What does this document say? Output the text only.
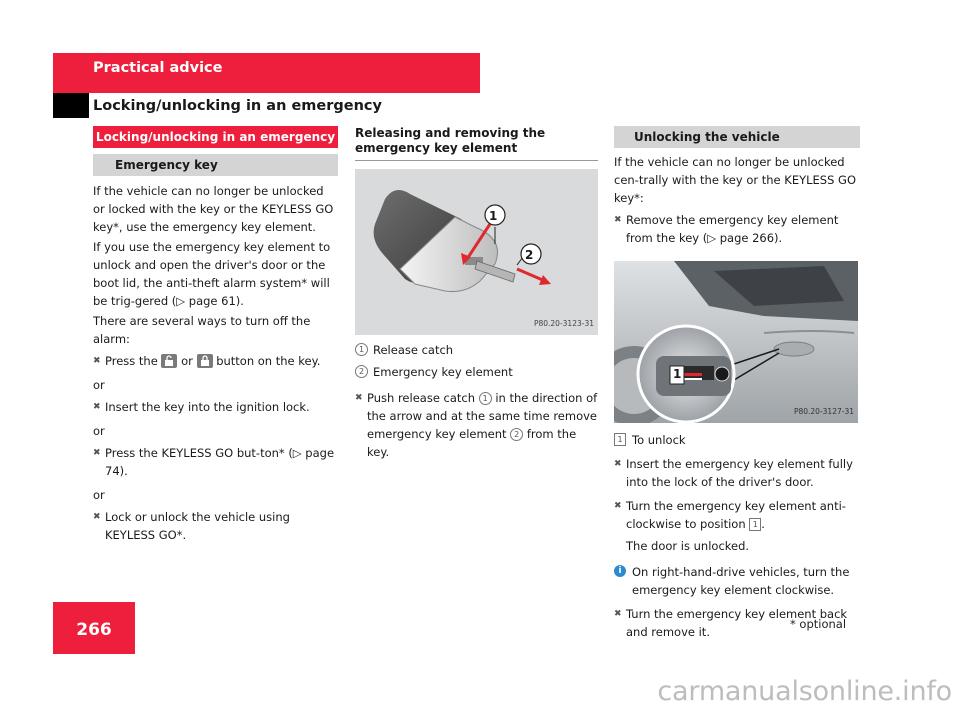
Practical advice
Locking/unlocking in an emergency
Locking/unlocking in an emergency
Emergency key

If the vehicle can no longer be unlocked or locked with the key or the KEYLESS GO key*, use the emergency key element.

If you use the emergency key element to unlock and open the driver's door or the boot lid, the anti-theft alarm system* will be trig-gered (▷ page 61).

There are several ways to turn off the alarm:

✖ Press the or button on the key.
or
✖ Insert the key into the ignition lock.
or
✖ Press the KEYLESS GO but-ton* (▷ page 74).
or
✖ Lock or unlock the vehicle using KEYLESS GO*.
Releasing and removing the emergency key element
1
2
P80.20-3123-31
1 Release catch
2 Emergency key element
✖ Push release catch 1 in the direction of the arrow and at the same time remove emergency key element 2 from the key.
Unlocking the vehicle

If the vehicle can no longer be unlocked cen-trally with the key or the KEYLESS GO key*:

✖ Remove the emergency key element from the key (▷ page 266).
1
P80.20-3127-31
1 To unlock
✖ Insert the emergency key element fully into the lock of the driver's door.
✖ Turn the emergency key element anti-clockwise to position 1 .
The door is unlocked.
i On right-hand-drive vehicles, turn the emergency key element clockwise.
✖ Turn the emergency key element back and remove it.
266	* optional
carmanualsonline.info
